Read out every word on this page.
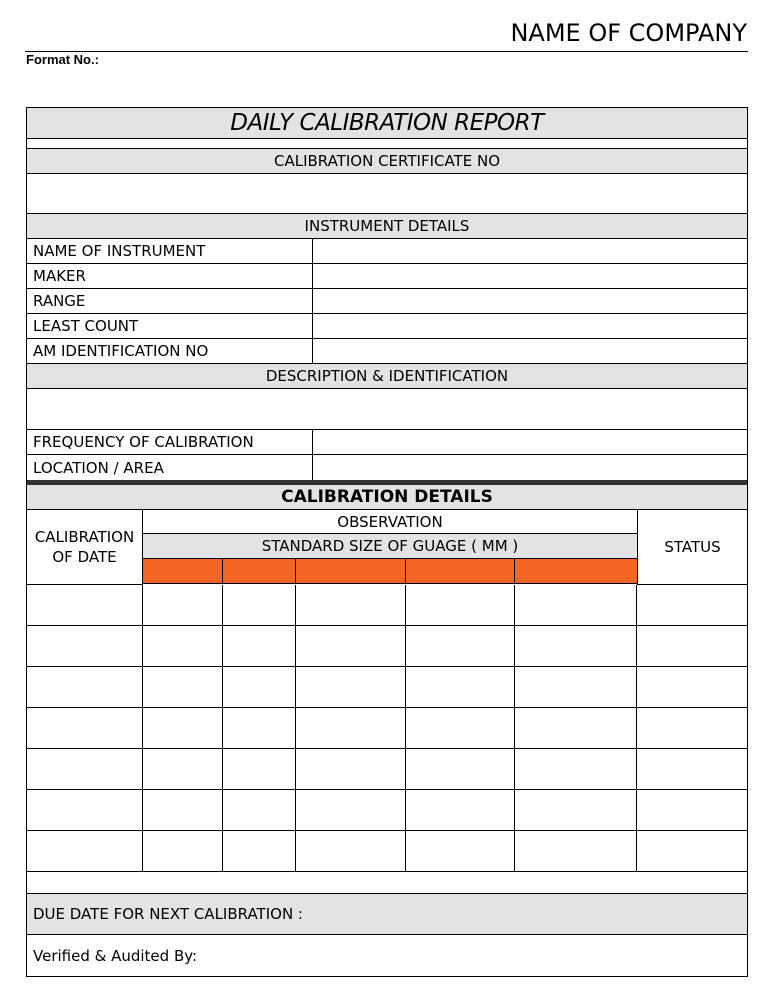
NAME OF COMPANY
Format No.:
DAILY CALIBRATION REPORT
CALIBRATION CERTIFICATE NO
INSTRUMENT DETAILS
NAME OF INSTRUMENT
MAKER
RANGE
LEAST COUNT
AM IDENTIFICATION NO
DESCRIPTION & IDENTIFICATION
FREQUENCY OF CALIBRATION
LOCATION / AREA
CALIBRATION DETAILS
CALIBRATION
OF DATE
OBSERVATION
STANDARD SIZE OF GUAGE ( MM )	STATUS
DUE DATE FOR NEXT CALIBRATION :
Verified & Audited By:
